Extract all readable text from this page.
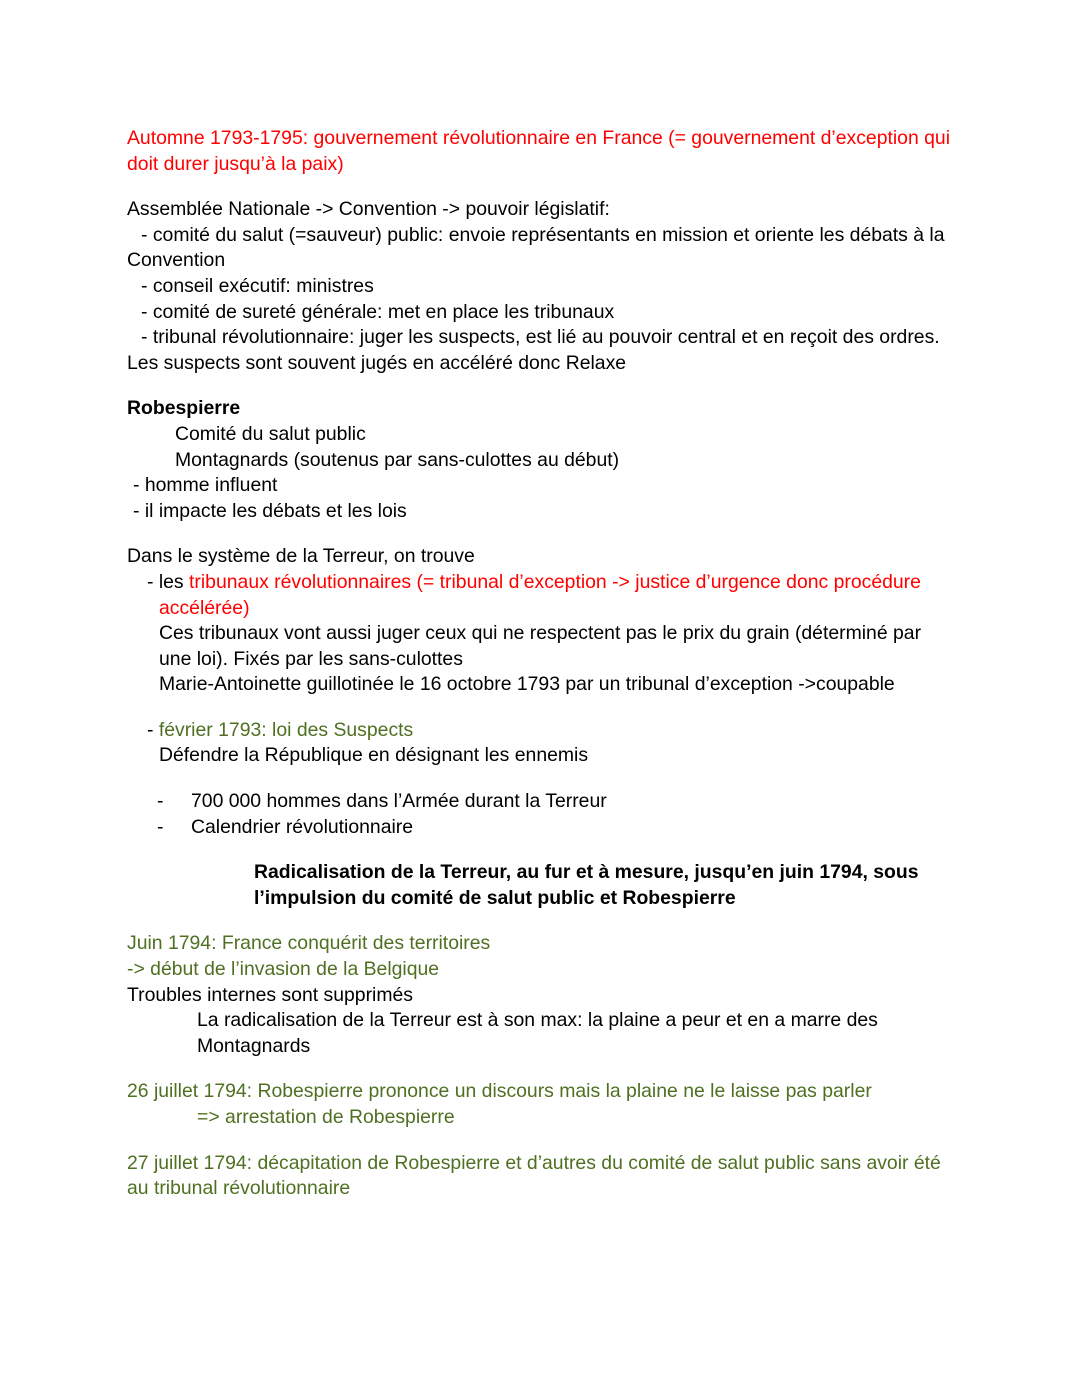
Automne 1793-1795: gouvernement révolutionnaire en France (= gouvernement d’exception qui

doit durer jusqu’à la paix)

Assemblée Nationale -> Convention -> pouvoir législatif:

- comité du salut (=sauveur) public: envoie représentants en mission et oriente les débats à la

Convention

- conseil exécutif: ministres

- comité de sureté générale: met en place les tribunaux

- tribunal révolutionnaire: juger les suspects, est lié au pouvoir central et en reçoit des ordres.

Les suspects sont souvent jugés en accéléré donc Relaxe

Robespierre

Comité du salut public

Montagnards (soutenus par sans-culottes au début)

- homme influent

- il impacte les débats et les lois

Dans le système de la Terreur, on trouve

- les tribunaux révolutionnaires (= tribunal d’exception -> justice d’urgence donc procédure

accélérée)

Ces tribunaux vont aussi juger ceux qui ne respectent pas le prix du grain (déterminé par

une loi). Fixés par les sans-culottes

Marie-Antoinette guillotinée le 16 octobre 1793 par un tribunal d’exception ->coupable

- février 1793: loi des Suspects

Défendre la République en désignant les ennemis

-	700 000 hommes dans l’Armée durant la Terreur
-	Calendrier révolutionnaire

Radicalisation de la Terreur, au fur et à mesure, jusqu’en juin 1794, sous

l’impulsion du comité de salut public et Robespierre

Juin 1794: France conquérit des territoires

-> début de l’invasion de la Belgique

Troubles internes sont supprimés

La radicalisation de la Terreur est à son max: la plaine a peur et en a marre des

Montagnards

26 juillet 1794: Robespierre prononce un discours mais la plaine ne le laisse pas parler

=> arrestation de Robespierre

27 juillet 1794: décapitation de Robespierre et d’autres du comité de salut public sans avoir été

au tribunal révolutionnaire
